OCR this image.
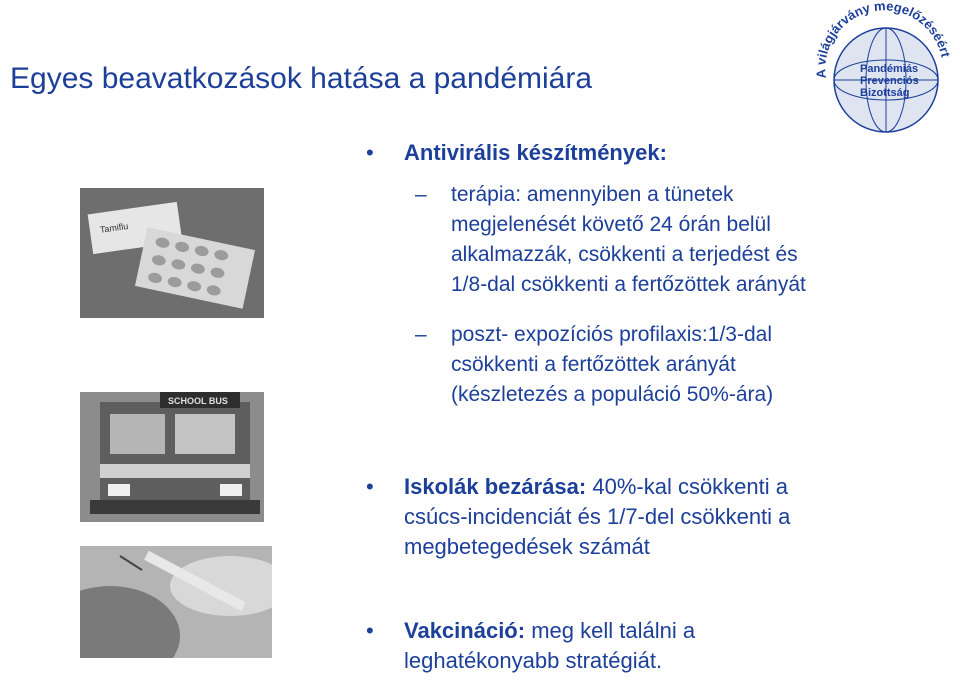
Egyes beavatkozások hatása a pandémiára	A világjárvány megelőzéséért
Pandémiás
Prevenciós
Bizottság
Tamiflu
SCHOOL BUS
• Antivirális készítmények:
– terápia: amennyiben a tünetek
megjelenését követő 24 órán belül
alkalmazzák, csökkenti a terjedést és
1/8-dal csökkenti a fertőzöttek arányát
– poszt- expozíciós profilaxis:1/3-dal
csökkenti a fertőzöttek arányát
(készletezés a populáció 50%-ára)
• Iskolák bezárása: 40%-kal csökkenti a
csúcs-incidenciát és 1/7-del csökkenti a
megbetegedések számát
• Vakcináció: meg kell találni a
leghatékonyabb stratégiát.
